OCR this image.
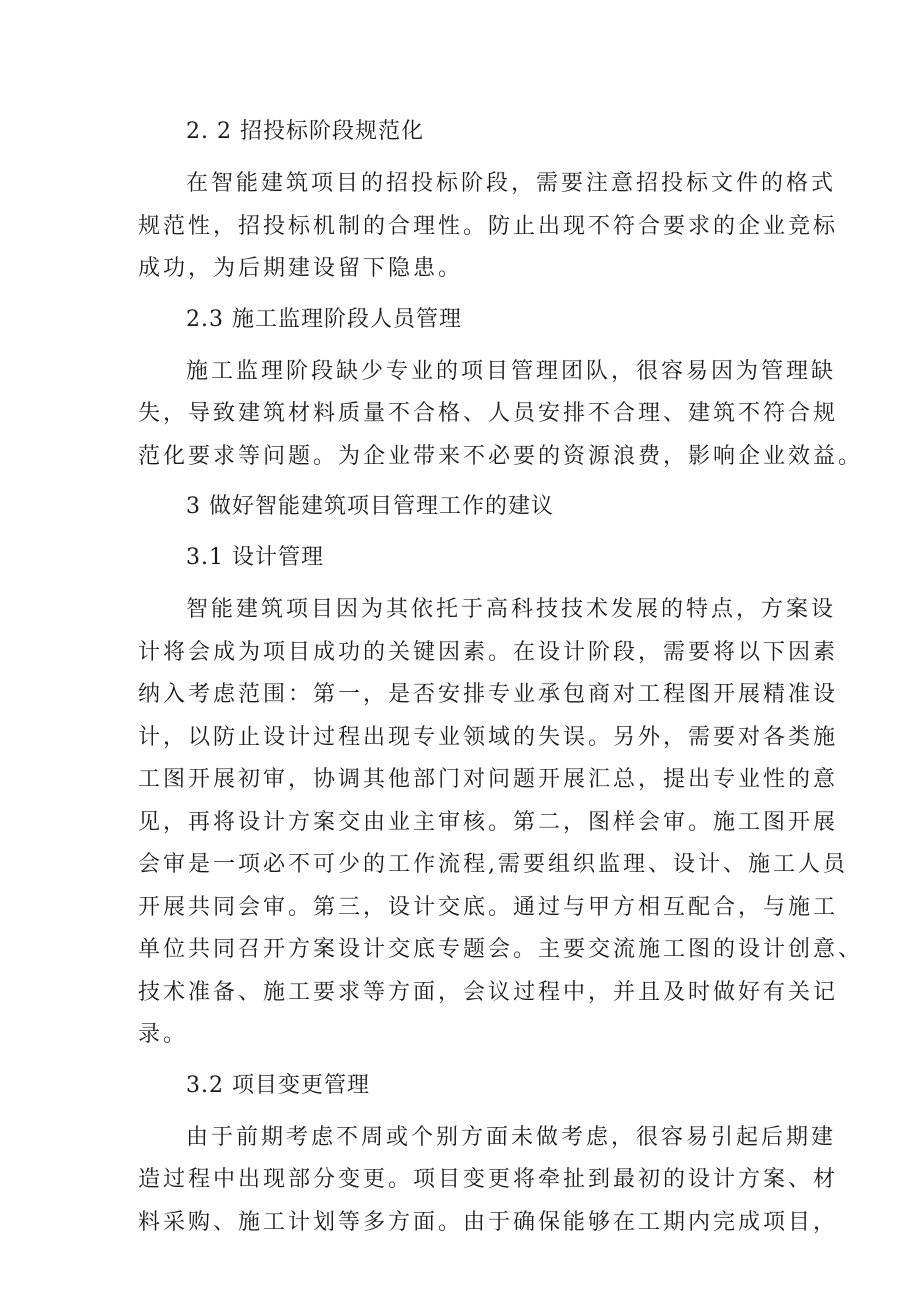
2. 2 招投标阶段规范化

在智能建筑项目的招投标阶段，需要注意招投标文件的格式
规范性，招投标机制的合理性。防止出现不符合要求的企业竞标
成功，为后期建设留下隐患。

2.3 施工监理阶段人员管理

施工监理阶段缺少专业的项目管理团队，很容易因为管理缺
失，导致建筑材料质量不合格、人员安排不合理、建筑不符合规
范化要求等问题。为企业带来不必要的资源浪费，影响企业效益。

3 做好智能建筑项目管理工作的建议

3.1 设计管理

智能建筑项目因为其依托于高科技技术发展的特点，方案设
计将会成为项目成功的关键因素。在设计阶段，需要将以下因素
纳入考虑范围：第一，是否安排专业承包商对工程图开展精准设
计，以防止设计过程出现专业领域的失误。另外，需要对各类施
工图开展初审，协调其他部门对问题开展汇总，提出专业性的意
见，再将设计方案交由业主审核。第二，图样会审。施工图开展
会审是一项必不可少的工作流程,需要组织监理、设计、施工人员
开展共同会审。第三，设计交底。通过与甲方相互配合，与施工
单位共同召开方案设计交底专题会。主要交流施工图的设计创意、
技术准备、施工要求等方面，会议过程中，并且及时做好有关记
录。

3.2 项目变更管理

由于前期考虑不周或个别方面未做考虑，很容易引起后期建
造过程中出现部分变更。项目变更将牵扯到最初的设计方案、材
料采购、施工计划等多方面。由于确保能够在工期内完成项目，
